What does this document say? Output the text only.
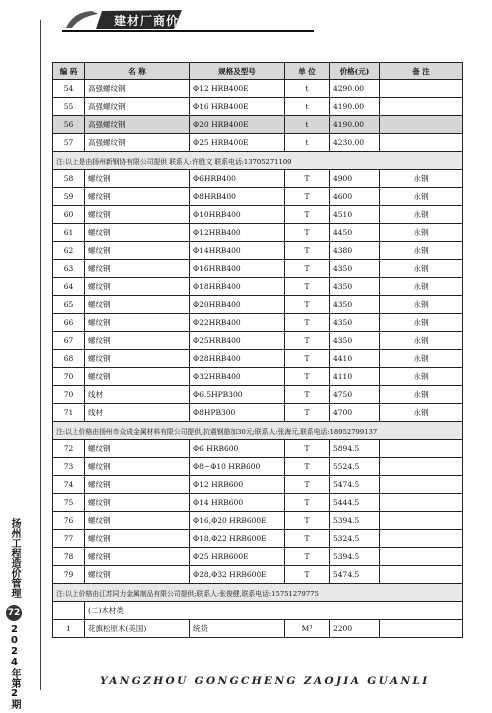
建材厂商价
扬州工程造价管理
72
2024年第2期
编 码	名 称	规格及型号	单 位	价格(元)	备 注
54	高强螺纹钢	Φ12 HRB400E	t	4290.00	
55	高强螺纹钢	Φ16 HRB400E	t	4190.00	
56	高强螺纹钢	Φ20 HRB400E	t	4190.00	
57	高强螺纹钢	Φ25 HRB400E	t	4230.00	
注:以上是由扬州新钢协有限公司提供 联系人:许胜文 联系电话:13705271109					
58	螺纹钢	Φ6HRB400	T	4900	永钢
59	螺纹钢	Φ8HRB400	T	4600	永钢
60	螺纹钢	Φ10HRB400	T	4510	永钢
61	螺纹钢	Φ12HRB400	T	4450	永钢
62	螺纹钢	Φ14HRB400	T	4380	永钢
63	螺纹钢	Φ16HRB400	T	4350	永钢
64	螺纹钢	Φ18HRB400	T	4350	永钢
65	螺纹钢	Φ20HRB400	T	4350	永钢
66	螺纹钢	Φ22HRB400	T	4350	永钢
67	螺纹钢	Φ25HRB400	T	4350	永钢
68	螺纹钢	Φ28HRB400	T	4410	永钢
70	螺纹钢	Φ32HRB400	T	4110	永钢
70	线材	Φ6.5HPB300	T	4750	永钢
71	线材	Φ8HPB300	T	4700	永钢
注:以上价格由扬州市众成金属材料有限公司提供,抗震钢筋加30元;联系人:张海元,联系电话:18952799137					
72	螺纹钢	Φ6 HRB600	T	5894.5	
73	螺纹钢	Φ8~Φ10 HRB600	T	5524.5	
74	螺纹钢	Φ12 HRB600	T	5474.5	
75	螺纹钢	Φ14 HRB600	T	5444.5	
76	螺纹钢	Φ16,Φ20 HRB600E	T	5394.5	
77	螺纹钢	Φ18,Φ22 HRB600E	T	5324.5	
78	螺纹钢	Φ25 HRB600E	T	5394.5	
79	螺纹钢	Φ28,Φ32 HRB600E	T	5474.5	
注:以上价格由江苏同力金属制品有限公司提供;联系人:张俊健,联系电话:15751279775					
	(二)木材类				
1	花旗松原木(美国)	统货	M³	2200	
YANGZHOU GONGCHENG ZAOJIA GUANLI
